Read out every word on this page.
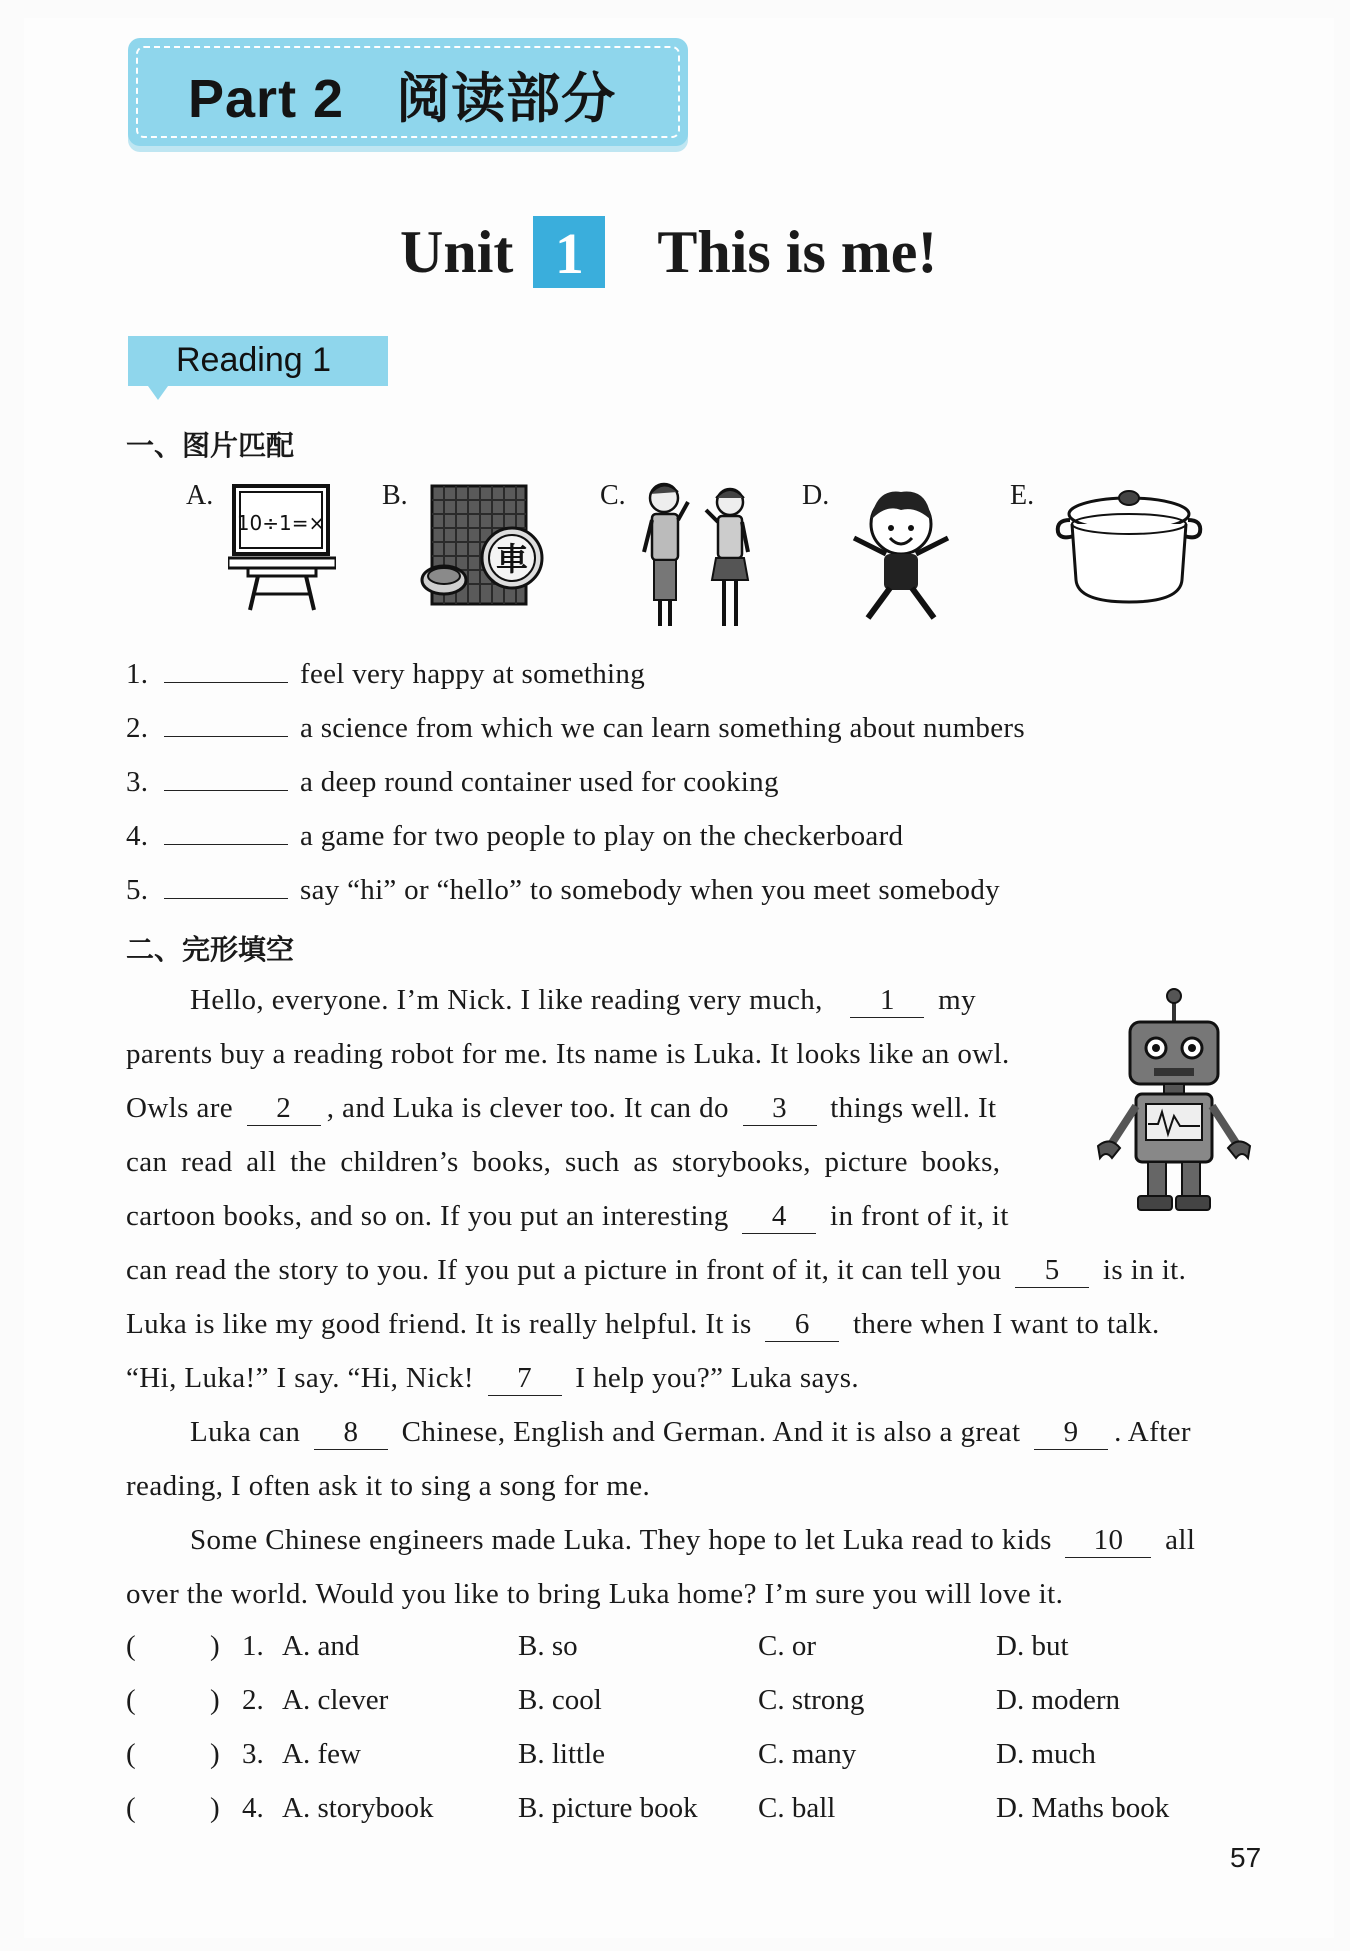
Part 2 阅读部分
Unit 1 This is me!
Reading 1
一、图片匹配
A.
10÷1=×
B.
車
C.	D.	E.
1.	feel very happy at something
2.	a science from which we can learn something about numbers
3.	a deep round container used for cooking
4.	a game for two people to play on the checkerboard
5.	say “hi” or “hello” to somebody when you meet somebody
二、完形填空
Hello, everyone. I’m Nick. I like reading very much, 1 my
parents buy a reading robot for me. Its name is Luka. It looks like an owl.
Owls are 2 , and Luka is clever too. It can do 3 things well. It
can read all the children’s books, such as storybooks, picture books,
cartoon books, and so on. If you put an interesting 4 in front of it, it
can read the story to you. If you put a picture in front of it, it can tell you 5 is in it.
Luka is like my good friend. It is really helpful. It is 6 there when I want to talk.
“Hi, Luka!” I say. “Hi, Nick! 7 I help you?” Luka says.
Luka can 8 Chinese, English and German. And it is also a great 9 . After
reading, I often ask it to sing a song for me.
Some Chinese engineers made Luka. They hope to let Luka read to kids 10 all
over the world. Would you like to bring Luka home? I’m sure you will love it.
(	) 1. A. and	B. so	C. or	D. but
(	) 2. A. clever	B. cool	C. strong	D. modern
(	) 3. A. few	B. little	C. many	D. much
(	) 4. A. storybook	B. picture book C. ball	D. Maths book
57
